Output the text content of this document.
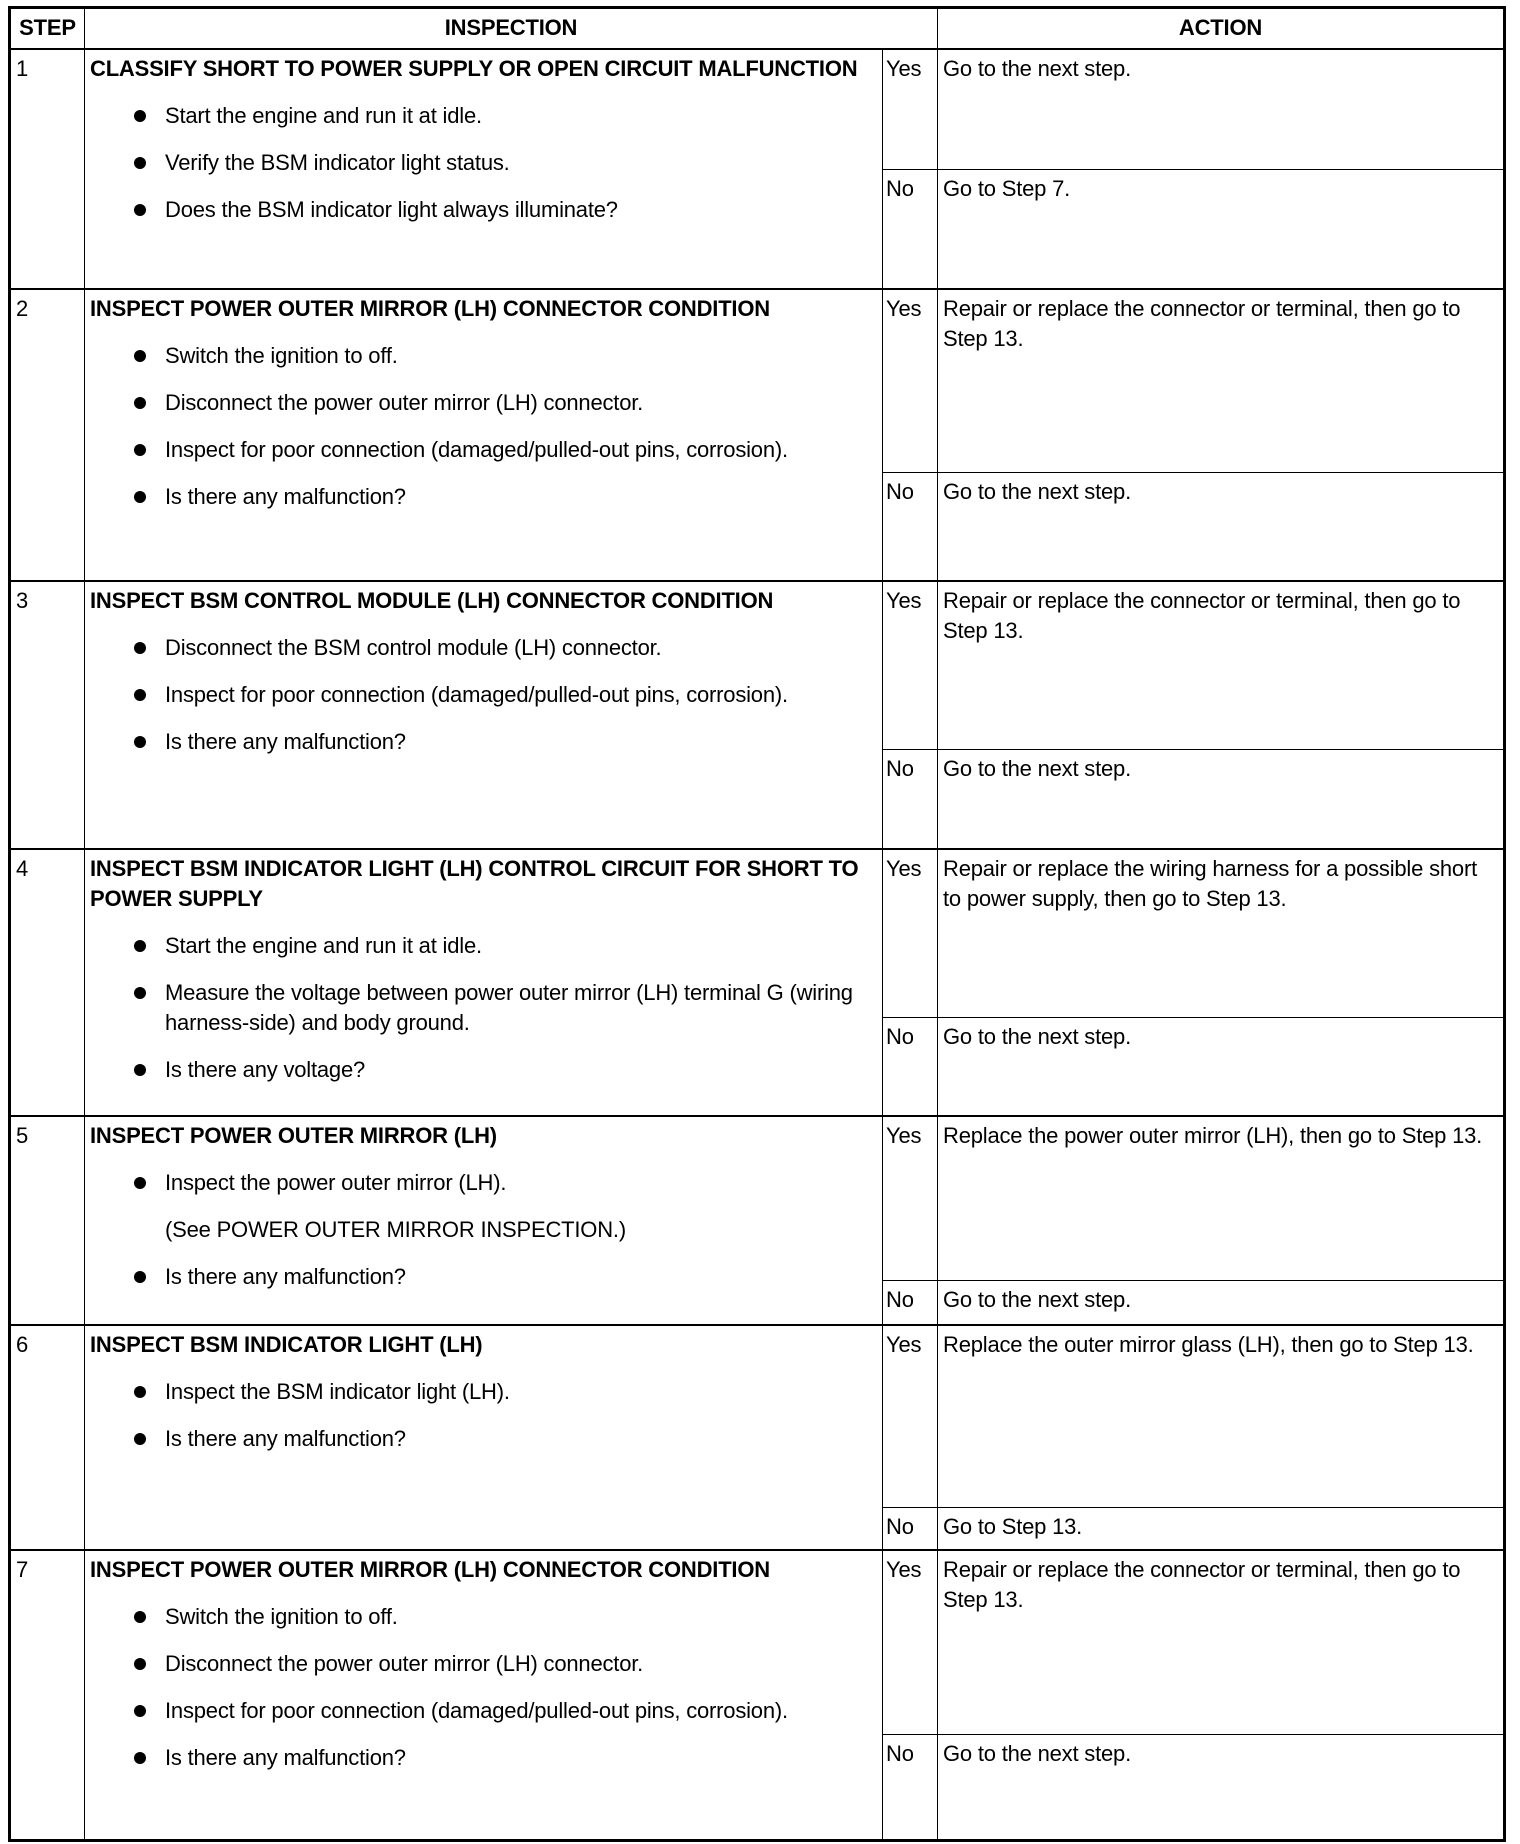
STEP	INSPECTION		ACTION
1	CLASSIFY SHORT TO POWER SUPPLY OR OPEN CIRCUIT MALFUNCTION
Start the engine and run it at idle.
Verify the BSM indicator light status.
Does the BSM indicator light always illuminate?	Yes	Go to the next step.
		No	Go to Step 7.
2	INSPECT POWER OUTER MIRROR (LH) CONNECTOR CONDITION
Switch the ignition to off.
Disconnect the power outer mirror (LH) connector.
Inspect for poor connection (damaged/pulled-out pins, corrosion).
Is there any malfunction?	Yes	Repair or replace the connector or terminal, then go to Step 13.
		No	Go to the next step.
3	INSPECT BSM CONTROL MODULE (LH) CONNECTOR CONDITION
Disconnect the BSM control module (LH) connector.
Inspect for poor connection (damaged/pulled-out pins, corrosion).
Is there any malfunction?	Yes	Repair or replace the connector or terminal, then go to Step 13.
		No	Go to the next step.
4	INSPECT BSM INDICATOR LIGHT (LH) CONTROL CIRCUIT FOR SHORT TO POWER SUPPLY
Start the engine and run it at idle.
Measure the voltage between power outer mirror (LH) terminal G (wiring harness-side) and body ground.
Is there any voltage?	Yes	Repair or replace the wiring harness for a possible short to power supply, then go to Step 13.
		No	Go to the next step.
5	INSPECT POWER OUTER MIRROR (LH)
Inspect the power outer mirror (LH).
(See POWER OUTER MIRROR INSPECTION.)
Is there any malfunction?	Yes	Replace the power outer mirror (LH), then go to Step 13.
		No	Go to the next step.
6	INSPECT BSM INDICATOR LIGHT (LH)
Inspect the BSM indicator light (LH).
Is there any malfunction?	Yes	Replace the outer mirror glass (LH), then go to Step 13.
		No	Go to Step 13.
7	INSPECT POWER OUTER MIRROR (LH) CONNECTOR CONDITION
Switch the ignition to off.
Disconnect the power outer mirror (LH) connector.
Inspect for poor connection (damaged/pulled-out pins, corrosion).
Is there any malfunction?	Yes	Repair or replace the connector or terminal, then go to Step 13.
		No	Go to the next step.
